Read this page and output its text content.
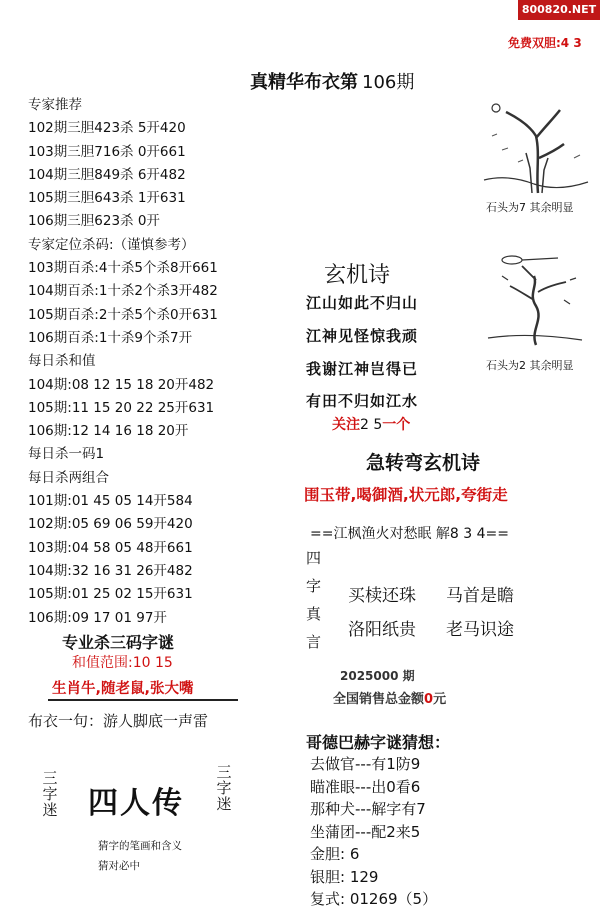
800820.NET
免费双胆:4 3
真精华布衣第 106期
专家推荐
102期三胆423杀 5开420
103期三胆716杀 0开661
104期三胆849杀 6开482
105期三胆643杀 1开631
106期三胆623杀 0开
专家定位杀码:（谨慎参考）
103期百杀:4十杀5个杀8开661
104期百杀:1十杀2个杀3开482
105期百杀:2十杀5个杀0开631
106期百杀:1十杀9个杀7开
每日杀和值
104期:08 12 15 18 20开482
105期:11 15 20 22 25开631
106期:12 14 16 18 20开
每日杀一码1
每日杀两组合
101期:01 45 05 14开584
102期:05 69 06 59开420
103期:04 58 05 48开661
104期:32 16 31 26开482
105期:01 25 02 15开631
106期:09 17 01 97开
专业杀三码字谜
和值范围:10 15
生肖牛,随老鼠,张大嘴
布衣一句：游人脚底一声雷
三字迷
三字迷
四人传
猜字的笔画和含义
猜对必中
石头为7 其余明显
石头为2 其余明显
玄机诗
江山如此不归山
江神见怪惊我顽
我谢江神岂得已
有田不归如江水
关注2 5一个
急转弯玄机诗
围玉带,喝御酒,状元郎,夸街走
==江枫渔火对愁眠 解8 3 4==
四字真言
买椟还珠 马首是瞻
洛阳纸贵 老马识途
2025000 期
全国销售总金额0元
哥德巴赫字谜猜想：
去做官---有1防9
瞄准眼---出0看6
那种犬---解字有7
坐蒲团---配2来5
金胆: 6
银胆: 129
复式: 01269（5）
